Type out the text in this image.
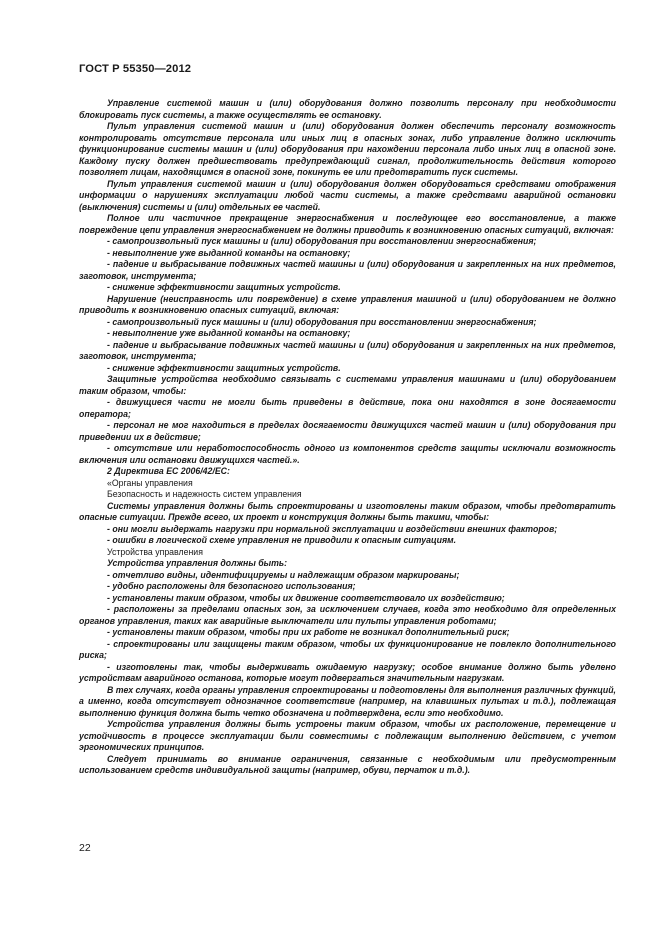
ГОСТ Р 55350—2012

Управление системой машин и (или) оборудования должно позволить персоналу при необходимости блокировать пуск системы, а также осуществлять ее остановку.

Пульт управления системой машин и (или) оборудования должен обеспечить персоналу возможность контролировать отсутствие персонала или иных лиц в опасных зонах, либо управление должно исключить функционирование системы машин и (или) оборудования при нахождении персонала либо иных лиц в опасной зоне. Каждому пуску должен предшествовать предупреждающий сигнал, продолжительность действия которого позволяет лицам, находящимся в опасной зоне, покинуть ее или предотвратить пуск системы.

Пульт управления системой машин и (или) оборудования должен оборудоваться средствами отображения информации о нарушениях эксплуатации любой части системы, а также средствами аварийной остановки (выключения) системы и (или) отдельных ее частей.

Полное или частичное прекращение энергоснабжения и последующее его восстановление, а также повреждение цепи управления энергоснабжением не должны приводить к возникновению опасных ситуаций, включая:

- самопроизвольный пуск машины и (или) оборудования при восстановлении энергоснабжения;

- невыполнение уже выданной команды на остановку;

- падение и выбрасывание подвижных частей машины и (или) оборудования и закрепленных на них предметов, заготовок, инструмента;

- снижение эффективности защитных устройств.

Нарушение (неисправность или повреждение) в схеме управления машиной и (или) оборудованием не должно приводить к возникновению опасных ситуаций, включая:

- самопроизвольный пуск машины и (или) оборудования при восстановлении энергоснабжения;

- невыполнение уже выданной команды на остановку;

- падение и выбрасывание подвижных частей машины и (или) оборудования и закрепленных на них предметов, заготовок, инструмента;

- снижение эффективности защитных устройств.

Защитные устройства необходимо связывать с системами управления машинами и (или) оборудованием таким образом, чтобы:

- движущиеся части не могли быть приведены в действие, пока они находятся в зоне досягаемости оператора;

- персонал не мог находиться в пределах досягаемости движущихся частей машин и (или) оборудования при приведении их в действие;

- отсутствие или неработоспособность одного из компонентов средств защиты исключали возможность включения или остановки движущихся частей.».

2 Директива ЕС 2006/42/ЕС:

«Органы управления

Безопасность и надежность систем управления

Системы управления должны быть спроектированы и изготовлены таким образом, чтобы предотвратить опасные ситуации. Прежде всего, их проект и конструкция должны быть такими, чтобы:

- они могли выдержать нагрузки при нормальной эксплуатации и воздействии внешних факторов;

- ошибки в логической схеме управления не приводили к опасным ситуациям.

Устройства управления

Устройства управления должны быть:

- отчетливо видны, идентифицируемы и надлежащим образом маркированы;

- удобно расположены для безопасного использования;

- установлены таким образом, чтобы их движение соответствовало их воздействию;

- расположены за пределами опасных зон, за исключением случаев, когда это необходимо для определенных органов управления, таких как аварийные выключатели или пульты управления роботами;

- установлены таким образом, чтобы при их работе не возникал дополнительный риск;

- спроектированы или защищены таким образом, чтобы их функционирование не повлекло дополнительного риска;

- изготовлены так, чтобы выдерживать ожидаемую нагрузку; особое внимание должно быть уделено устройствам аварийного останова, которые могут подвергаться значительным нагрузкам.

В тех случаях, когда органы управления спроектированы и подготовлены для выполнения различных функций, а именно, когда отсутствует однозначное соответствие (например, на клавишных пультах и т.д.), подлежащая выполнению функция должна быть четко обозначена и подтверждена, если это необходимо.

Устройства управления должны быть устроены таким образом, чтобы их расположение, перемещение и устойчивость в процессе эксплуатации были совместимы с подлежащим выполнению действием, с учетом эргономических принципов.

Следует принимать во внимание ограничения, связанные с необходимым или предусмотренным использованием средств индивидуальной защиты (например, обуви, перчаток и т.д.).

22
